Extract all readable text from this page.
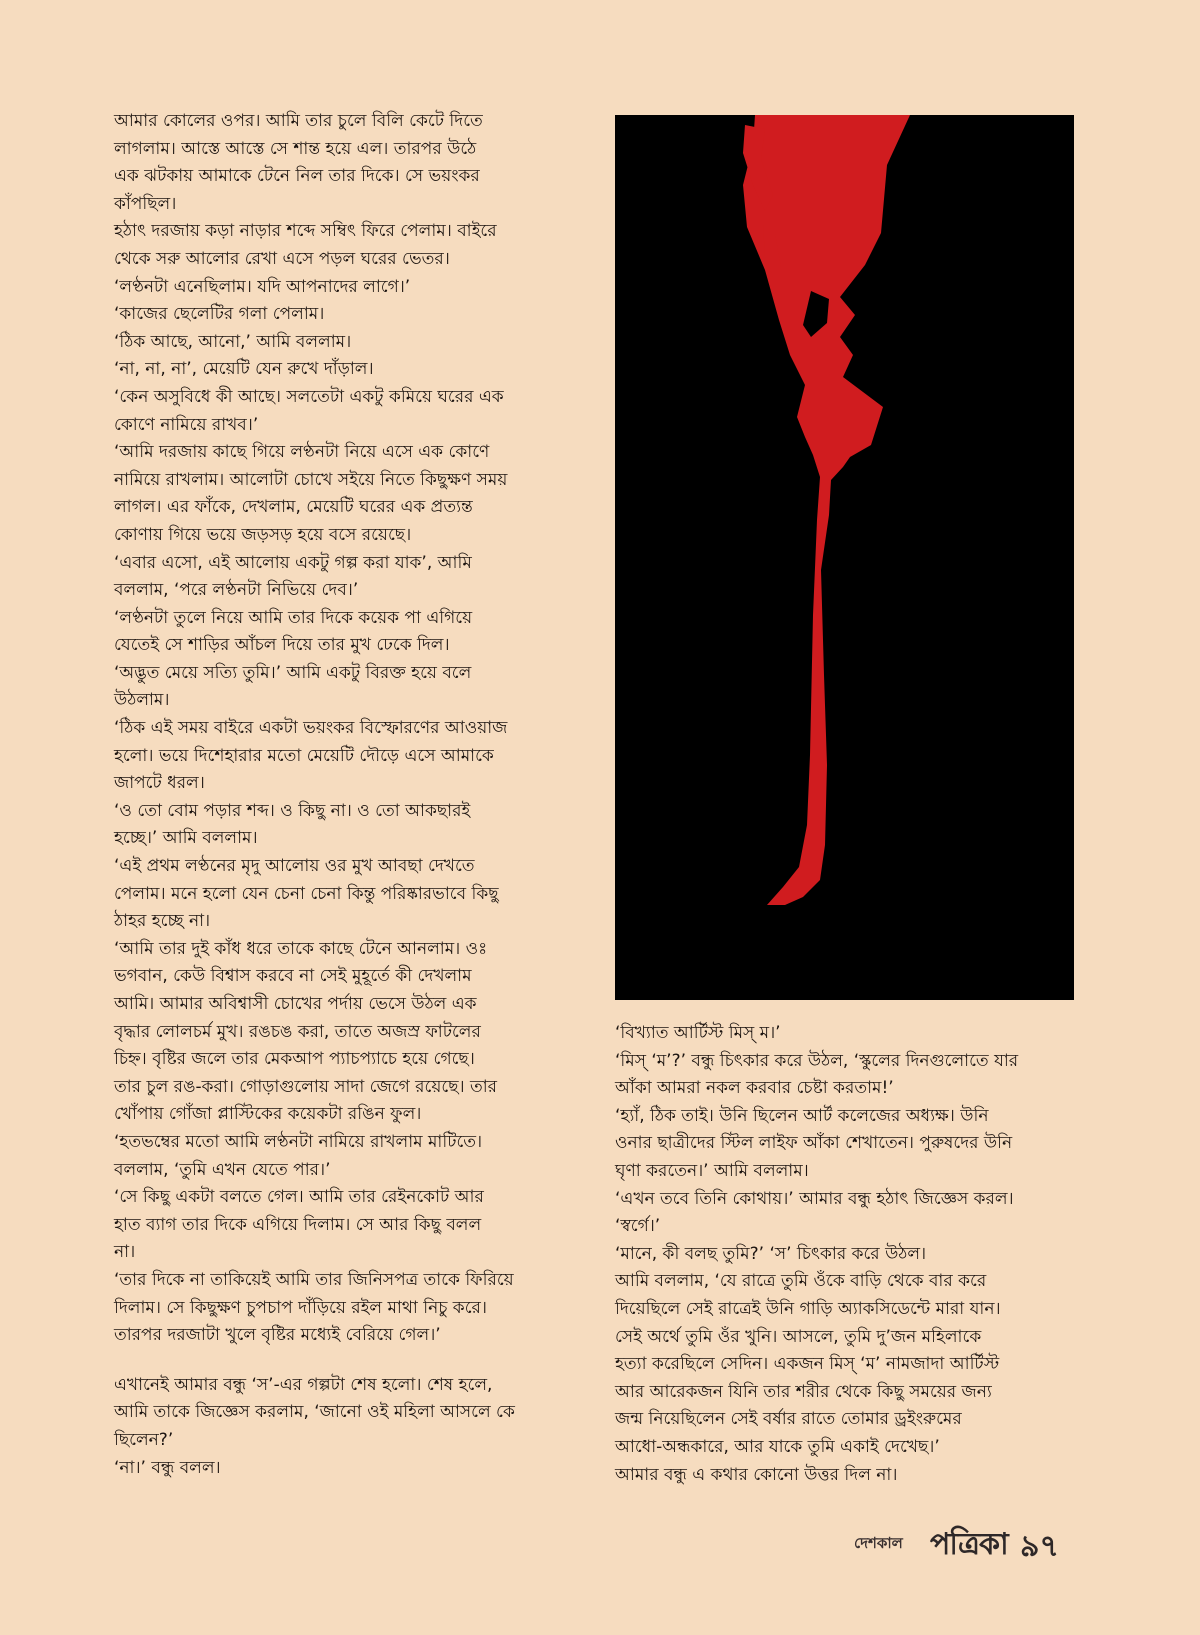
আমার কোলের ওপর। আমি তার চুলে বিলি কেটে দিতে

লাগলাম। আস্তে আস্তে সে শান্ত হয়ে এল। তারপর উঠে

এক ঝটকায় আমাকে টেনে নিল তার দিকে। সে ভয়ংকর

কাঁপছিল।

হঠাৎ দরজায় কড়া নাড়ার শব্দে সম্বিৎ ফিরে পেলাম। বাইরে

থেকে সরু আলোর রেখা এসে পড়ল ঘরের ভেতর।

‘লণ্ঠনটা এনেছিলাম। যদি আপনাদের লাগে।’

‘কাজের ছেলেটির গলা পেলাম।

‘ঠিক আছে, আনো,’ আমি বললাম।

‘না, না, না’, মেয়েটি যেন রুখে দাঁড়াল।

‘কেন অসুবিধে কী আছে। সলতেটা একটু কমিয়ে ঘরের এক

কোণে নামিয়ে রাখব।’

‘আমি দরজায় কাছে গিয়ে লণ্ঠনটা নিয়ে এসে এক কোণে

নামিয়ে রাখলাম। আলোটা চোখে সইয়ে নিতে কিছুক্ষণ সময়

লাগল। এর ফাঁকে, দেখলাম, মেয়েটি ঘরের এক প্রত্যন্ত

কোণায় গিয়ে ভয়ে জড়সড় হয়ে বসে রয়েছে।

‘এবার এসো, এই আলোয় একটু গল্প করা যাক’, আমি

বললাম, ‘পরে লণ্ঠনটা নিভিয়ে দেব।’

‘লণ্ঠনটা তুলে নিয়ে আমি তার দিকে কয়েক পা এগিয়ে

যেতেই সে শাড়ির আঁচল দিয়ে তার মুখ ঢেকে দিল।

‘অদ্ভুত মেয়ে সত্যি তুমি।’ আমি একটু বিরক্ত হয়ে বলে

উঠলাম।

‘ঠিক এই সময় বাইরে একটা ভয়ংকর বিস্ফোরণের আওয়াজ

হলো। ভয়ে দিশেহারার মতো মেয়েটি দৌড়ে এসে আমাকে

জাপটে ধরল।

‘ও তো বোম পড়ার শব্দ। ও কিছু না। ও তো আকছারই

হচ্ছে।’ আমি বললাম।

‘এই প্রথম লণ্ঠনের মৃদু আলোয় ওর মুখ আবছা দেখতে

পেলাম। মনে হলো যেন চেনা চেনা কিন্তু পরিষ্কারভাবে কিছু

ঠাহর হচ্ছে না।

‘আমি তার দুই কাঁধ ধরে তাকে কাছে টেনে আনলাম। ওঃ

ভগবান, কেউ বিশ্বাস করবে না সেই মুহূর্তে কী দেখলাম

আমি। আমার অবিশ্বাসী চোখের পর্দায় ভেসে উঠল এক

বৃদ্ধার লোলচর্ম মুখ। রঙচঙ করা, তাতে অজস্র ফাটলের

চিহ্ন। বৃষ্টির জলে তার মেকআপ প্যাচপ্যাচে হয়ে গেছে।

তার চুল রঙ-করা। গোড়াগুলোয় সাদা জেগে রয়েছে। তার

খোঁপায় গোঁজা প্লাস্টিকের কয়েকটা রঙিন ফুল।

‘হতভম্বের মতো আমি লণ্ঠনটা নামিয়ে রাখলাম মাটিতে।

বললাম, ‘তুমি এখন যেতে পার।’

‘সে কিছু একটা বলতে গেল। আমি তার রেইনকোট আর

হাত ব্যাগ তার দিকে এগিয়ে দিলাম। সে আর কিছু বলল

না।

‘তার দিকে না তাকিয়েই আমি তার জিনিসপত্র তাকে ফিরিয়ে

দিলাম। সে কিছুক্ষণ চুপচাপ দাঁড়িয়ে রইল মাথা নিচু করে।

তারপর দরজাটা খুলে বৃষ্টির মধ্যেই বেরিয়ে গেল।’

এখানেই আমার বন্ধু ‘স’-এর গল্পটা শেষ হলো। শেষ হলে,

আমি তাকে জিজ্ঞেস করলাম, ‘জানো ওই মহিলা আসলে কে

ছিলেন?’

‘না।’ বন্ধু বলল।

‘বিখ্যাত আর্টিস্ট মিস্ ম।’

‘মিস্ ‘ম’?’ বন্ধু চিৎকার করে উঠল, ‘স্কুলের দিনগুলোতে যার

আঁকা আমরা নকল করবার চেষ্টা করতাম!’

‘হ্যাঁ, ঠিক তাই। উনি ছিলেন আর্ট কলেজের অধ্যক্ষ। উনি

ওনার ছাত্রীদের স্টিল লাইফ আঁকা শেখাতেন। পুরুষদের উনি

ঘৃণা করতেন।’ আমি বললাম।

‘এখন তবে তিনি কোথায়।’ আমার বন্ধু হঠাৎ জিজ্ঞেস করল।

‘স্বর্গে।’

‘মানে, কী বলছ তুমি?’ ‘স’ চিৎকার করে উঠল।

আমি বললাম, ‘যে রাত্রে তুমি ওঁকে বাড়ি থেকে বার করে

দিয়েছিলে সেই রাত্রেই উনি গাড়ি অ্যাকসিডেন্টে মারা যান।

সেই অর্থে তুমি ওঁর খুনি। আসলে, তুমি দু’জন মহিলাকে

হত্যা করেছিলে সেদিন। একজন মিস্ ‘ম’ নামজাদা আর্টিস্ট

আর আরেকজন যিনি তার শরীর থেকে কিছু সময়ের জন্য

জন্ম নিয়েছিলেন সেই বর্ষার রাতে তোমার ড্রইংরুমের

আধো-অন্ধকারে, আর যাকে তুমি একাই দেখেছ।’

আমার বন্ধু এ কথার কোনো উত্তর দিল না।

দেশকাল পত্রিকা ৯৭
